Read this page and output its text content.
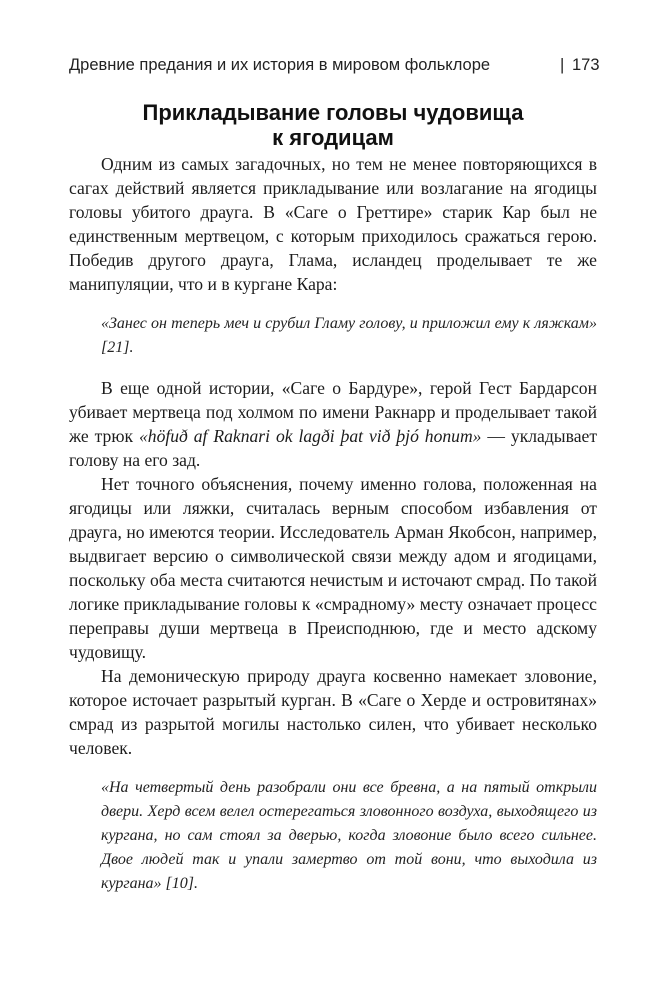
Древние предания и их история в мировом фольклоре	| 173
Прикладывание головы чудовища
к ягодицам

Одним из самых загадочных, но тем не менее повторяющихся в сагах действий является прикладывание или возлагание на ягодицы головы убитого драуга. В «Саге о Греттире» старик Кар был не единственным мертвецом, с которым приходилось сражаться герою. Победив другого драуга, Глама, исландец проделывает те же манипуляции, что и в кургане Кара:

«Занес он теперь меч и срубил Гламу голову, и приложил ему к ляжкам» [21].

В еще одной истории, «Саге о Бардуре», герой Гест Бардарсон убивает мертвеца под холмом по имени Ракнарр и проделывает такой же трюк «höfuð af Raknari ok lagði þat við þjó honum» — укладывает голову на его зад.

Нет точного объяснения, почему именно голова, положенная на ягодицы или ляжки, считалась верным способом избавления от драуга, но имеются теории. Исследователь Арман Якобсон, например, выдвигает версию о символической связи между адом и ягодицами, поскольку оба места считаются нечистым и источают смрад. По такой логике прикладывание головы к «смрадному» месту означает процесс переправы души мертвеца в Преисподнюю, где и место адскому чудовищу.

На демоническую природу драуга косвенно намекает зловоние, которое источает разрытый курган. В «Саге о Херде и островитянах» смрад из разрытой могилы настолько силен, что убивает несколько человек.

«На четвертый день разобрали они все бревна, а на пятый открыли двери. Херд всем велел остерегаться зловонного воздуха, выходящего из кургана, но сам стоял за дверью, когда зловоние было всего сильнее. Двое людей так и упали замертво от той вони, что выходила из кургана» [10].
